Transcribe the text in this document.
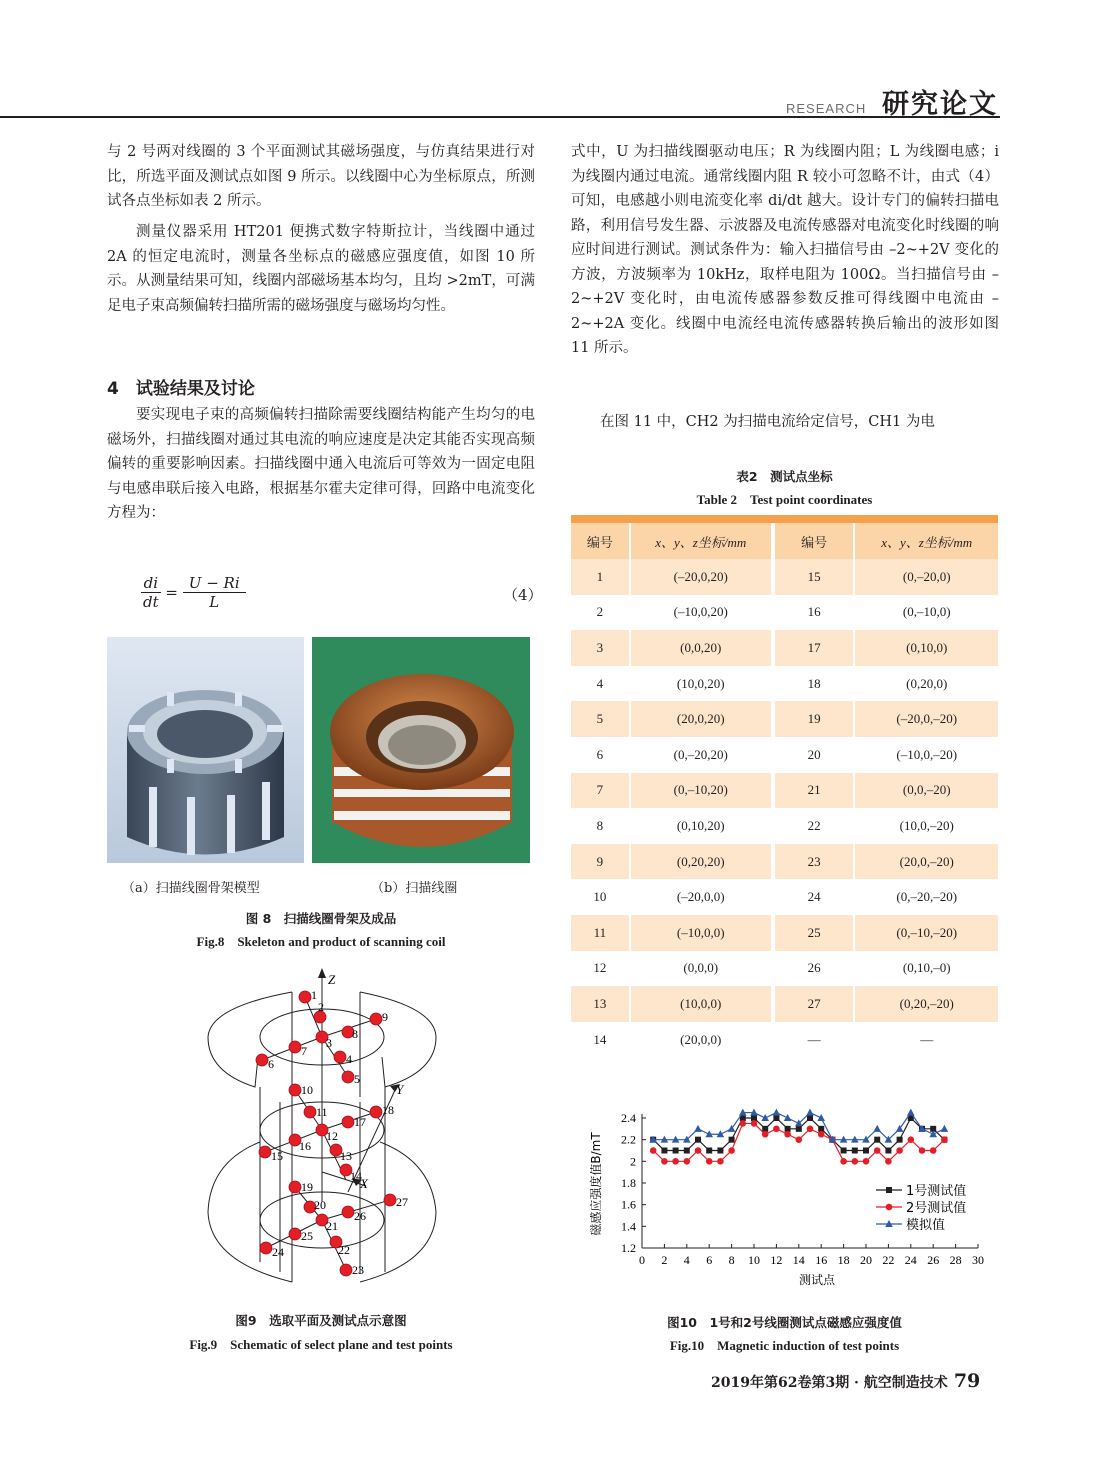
RESEARCH 研究论文
与 2 号两对线圈的 3 个平面测试其磁场强度，与仿真结果进行对比，所选平面及测试点如图 9 所示。以线圈中心为坐标原点，所测试各点坐标如表 2 所示。
测量仪器采用 HT201 便携式数字特斯拉计，当线圈中通过 2A 的恒定电流时，测量各坐标点的磁感应强度值，如图 10 所示。从测量结果可知，线圈内部磁场基本均匀，且均 >2mT，可满足电子束高频偏转扫描所需的磁场强度与磁场均匀性。
4　试验结果及讨论
要实现电子束的高频偏转扫描除需要线圈结构能产生均匀的电磁场外，扫描线圈对通过其电流的响应速度是决定其能否实现高频偏转的重要影响因素。扫描线圈中通入电流后可等效为一固定电阻与电感串联后接入电路，根据基尔霍夫定律可得，回路中电流变化方程为：
$\frac{di}{dt} = \frac{U - Ri}{L}$	（4）
（a）扫描线圈骨架模型	（b）扫描线圈
图 8　扫描线圈骨架及成品
Fig.8　Skeleton and product of scanning coil
Z
Y
X
1
2
3
4
5
6
7
8
9
10
11
12
13
14
15
16
17
18
19
20
21
22
23
24
25
26
27
图9　选取平面及测试点示意图
Fig.9　Schematic of select plane and test points
式中，U 为扫描线圈驱动电压；R 为线圈内阻；L 为线圈电感；i 为线圈内通过电流。通常线圈内阻 R 较小可忽略不计，由式（4）可知，电感越小则电流变化率 di/dt 越大。设计专门的偏转扫描电路，利用信号发生器、示波器及电流传感器对电流变化时线圈的响应时间进行测试。测试条件为：输入扫描信号由 –2~+2V 变化的方波，方波频率为 10kHz，取样电阻为 100Ω。当扫描信号由 –2~+2V 变化时，由电流传感器参数反推可得线圈中电流由 –2~+2A 变化。线圈中电流经电流传感器转换后输出的波形如图 11 所示。
在图 11 中，CH2 为扫描电流给定信号，CH1 为电
表2　测试点坐标
Table 2　Test point coordinates
编号	x、y、z坐标/mm	编号	x、y、z坐标/mm
1	(–20,0,20)	15	(0,–20,0)
2	(–10,0,20)	16	(0,–10,0)
3	(0,0,20)	17	(0,10,0)
4	(10,0,20)	18	(0,20,0)
5	(20,0,20)	19	(–20,0,–20)
6	(0,–20,20)	20	(–10,0,–20)
7	(0,–10,20)	21	(0,0,–20)
8	(0,10,20)	22	(10,0,–20)
9	(0,20,20)	23	(20,0,–20)
10	(–20,0,0)	24	(0,–20,–20)
11	(–10,0,0)	25	(0,–10,–20)
12	(0,0,0)	26	(0,10,–0)
13	(10,0,0)	27	(0,20,–20)
14	(20,0,0)	—	—
1.2
1.4
1.6
1.8
2
2.2
2.4
0 2 4 6 8 10 12 14 16 18 20 22 24 26 28 30
1号测试值
2号测试值
模拟值
磁感应强度值B/mT
测试点
图10　1号和2号线圈测试点磁感应强度值
Fig.10　Magnetic induction of test points
2019年第62卷第3期 · 航空制造技术 79
